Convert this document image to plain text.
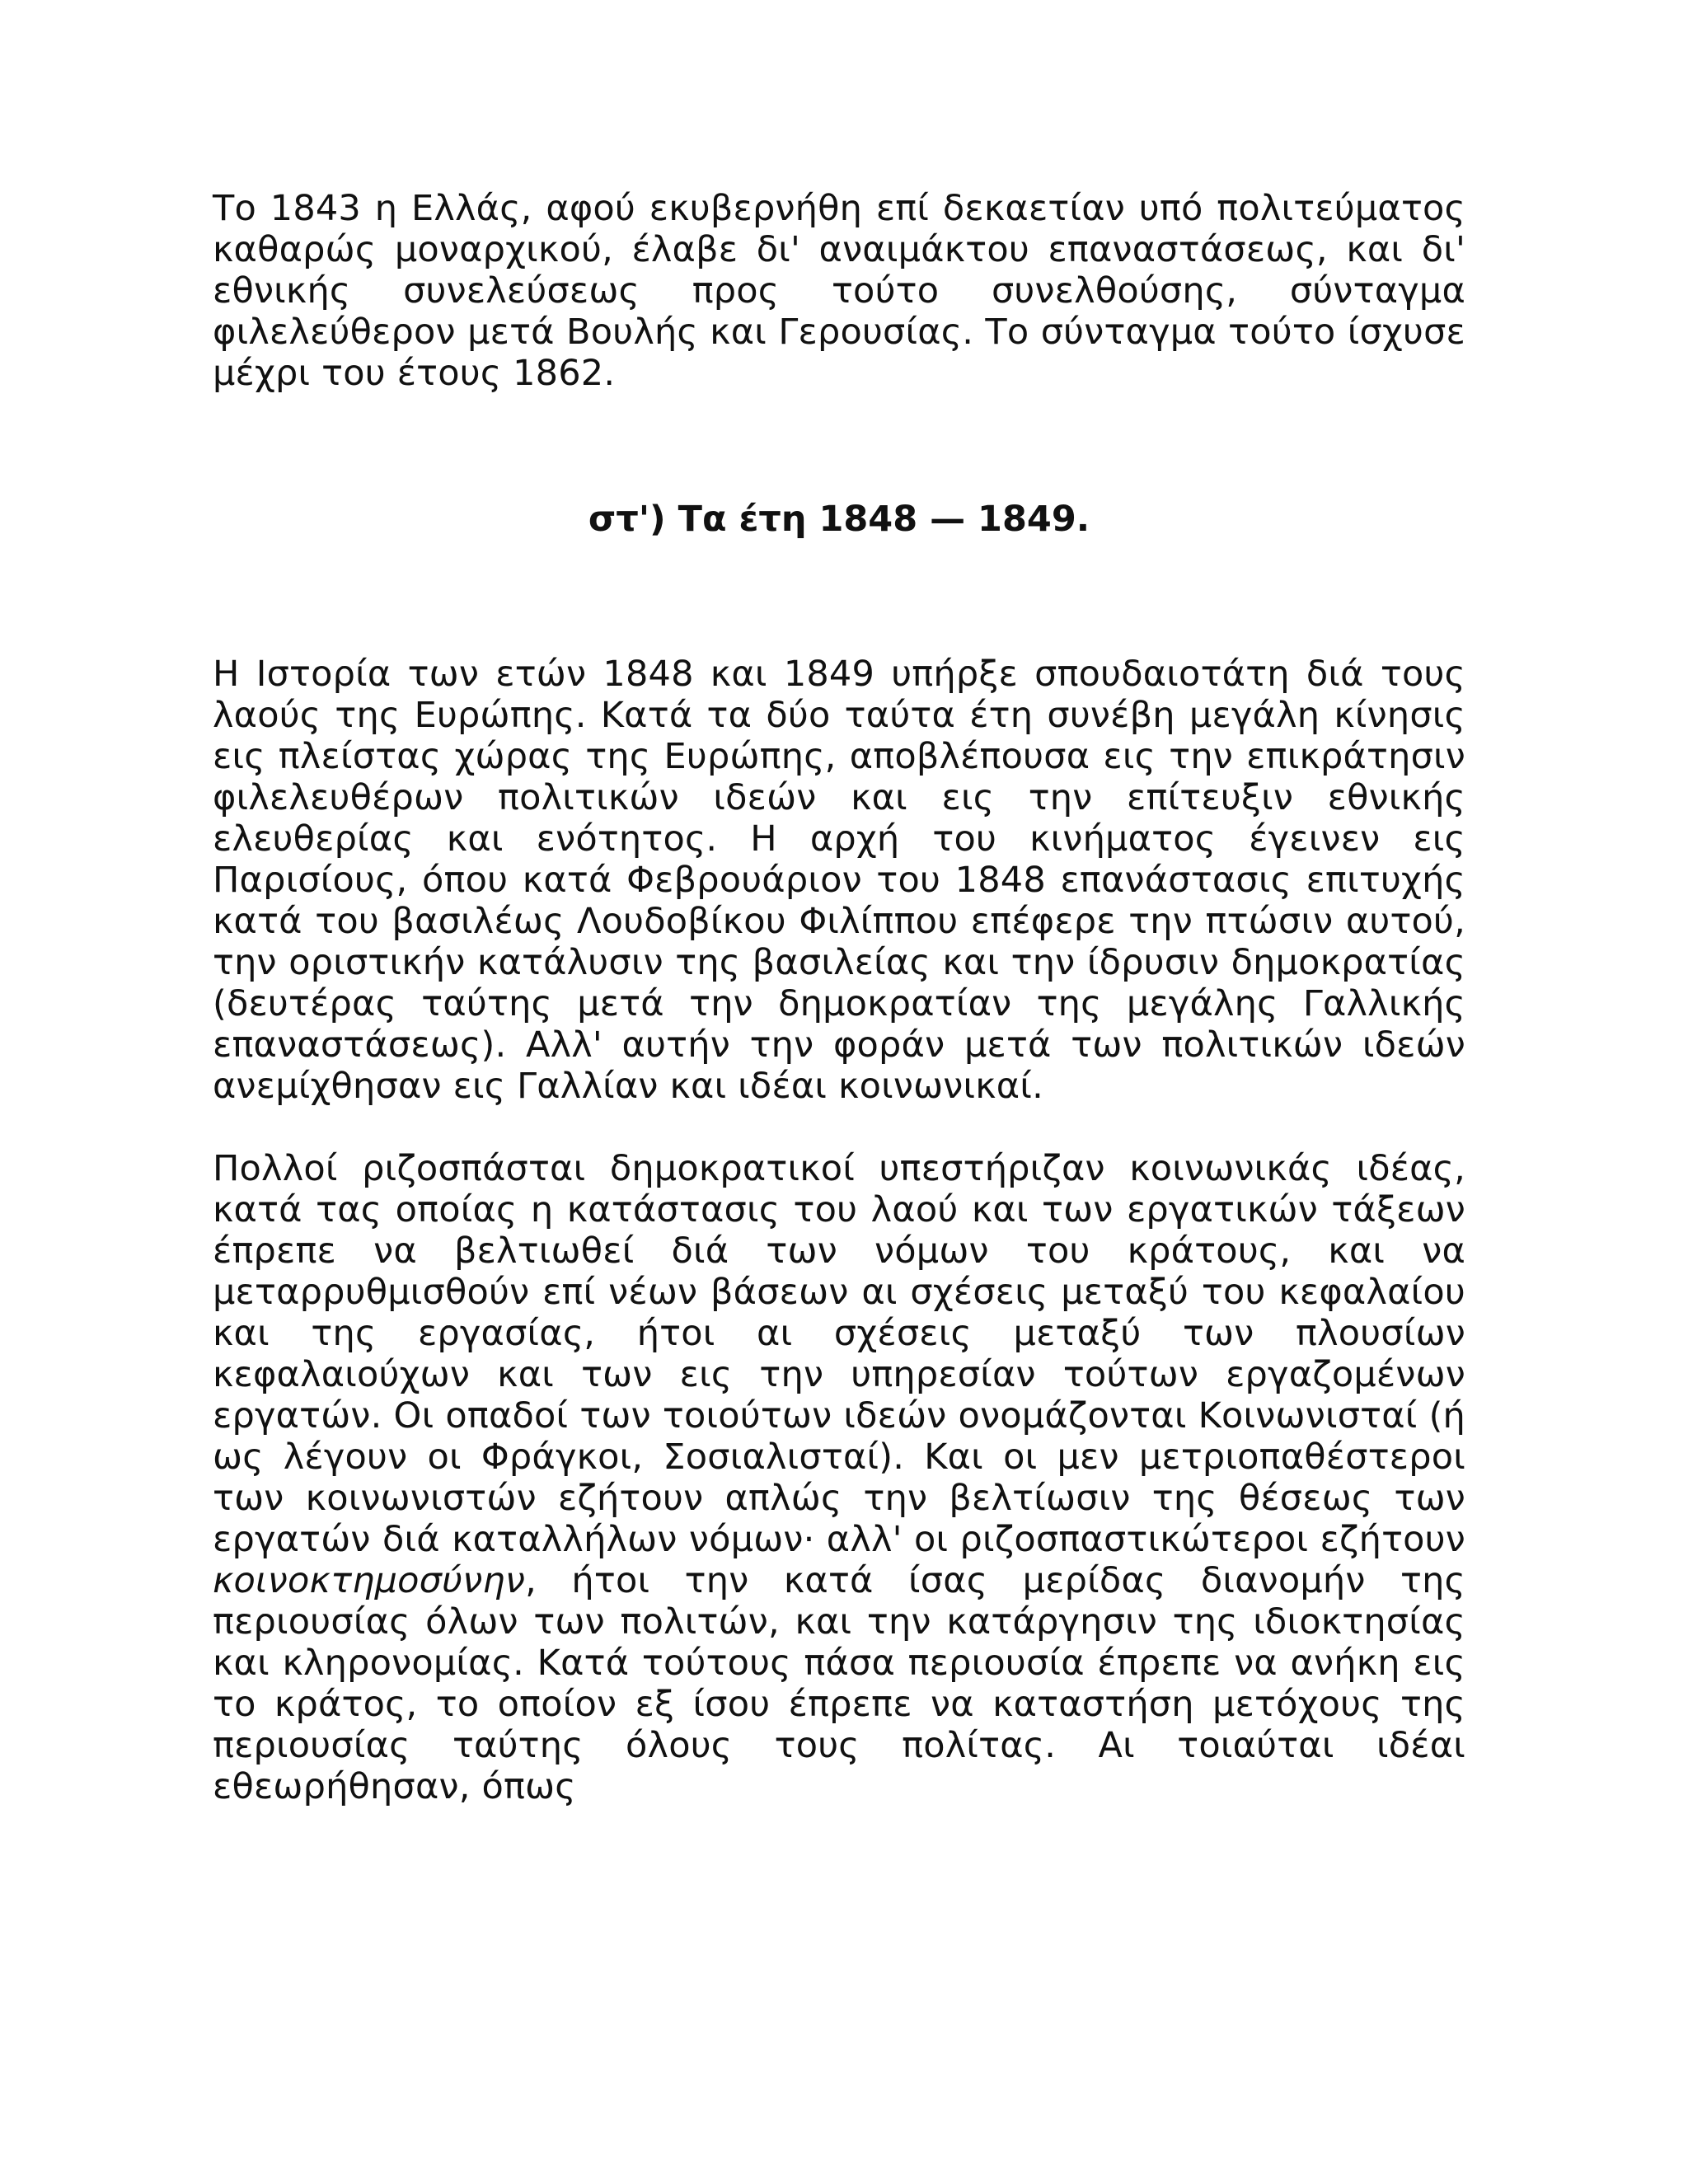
Το 1843 η Ελλάς, αφού εκυβερνήθη επί δεκαετίαν υπό πολιτεύματος καθαρώς μοναρχικού, έλαβε δι' αναιμάκτου επαναστάσεως, και δι' εθνικής συνελεύσεως προς τούτο συνελθούσης, σύνταγμα φιλελεύθερον μετά Βουλής και Γερουσίας. Το σύνταγμα τούτο ίσχυσε μέχρι του έτους 1862.

στ') Τα έτη 1848 — 1849.

Η Ιστορία των ετών 1848 και 1849 υπήρξε σπουδαιοτάτη διά τους λαούς της Ευρώπης. Κατά τα δύο ταύτα έτη συνέβη μεγάλη κίνησις εις πλείστας χώρας της Ευρώπης, αποβλέπουσα εις την επικράτησιν φιλελευθέρων πολιτικών ιδεών και εις την επίτευξιν εθνικής ελευθερίας και ενότητος. Η αρχή του κινήματος έγεινεν εις Παρισίους, όπου κατά Φεβρουάριον του 1848 επανάστασις επιτυχής κατά του βασιλέως Λουδοβίκου Φιλίππου επέφερε την πτώσιν αυτού, την οριστικήν κατάλυσιν της βασιλείας και την ίδρυσιν δημοκρατίας (δευτέρας ταύτης μετά την δημοκρατίαν της μεγάλης Γαλλικής επαναστάσεως). Αλλ' αυτήν την φοράν μετά των πολιτικών ιδεών ανεμίχθησαν εις Γαλλίαν και ιδέαι κοινωνικαί.

Πολλοί ριζοσπάσται δημοκρατικοί υπεστήριζαν κοινωνικάς ιδέας, κατά τας οποίας η κατάστασις του λαού και των εργατικών τάξεων έπρεπε να βελτιωθεί διά των νόμων του κράτους, και να μεταρρυθμισθούν επί νέων βάσεων αι σχέσεις μεταξύ του κεφαλαίου και της εργασίας, ήτοι αι σχέσεις μεταξύ των πλουσίων κεφαλαιούχων και των εις την υπηρεσίαν τούτων εργαζομένων εργατών. Οι οπαδοί των τοιούτων ιδεών ονομάζονται Κοινωνισταί (ή ως λέγουν οι Φράγκοι, Σοσιαλισταί). Και οι μεν μετριοπαθέστεροι των κοινωνιστών εζήτουν απλώς την βελτίωσιν της θέσεως των εργατών διά καταλλήλων νόμων· αλλ' οι ριζοσπαστικώτεροι εζήτουν κοινοκτημοσύνην, ήτοι την κατά ίσας μερίδας διανομήν της περιουσίας όλων των πολιτών, και την κατάργησιν της ιδιοκτησίας και κληρονομίας. Κατά τούτους πάσα περιουσία έπρεπε να ανήκη εις το κράτος, το οποίον εξ ίσου έπρεπε να καταστήση μετόχους της περιουσίας ταύτης όλους τους πολίτας. Αι τοιαύται ιδέαι εθεωρήθησαν, όπως
